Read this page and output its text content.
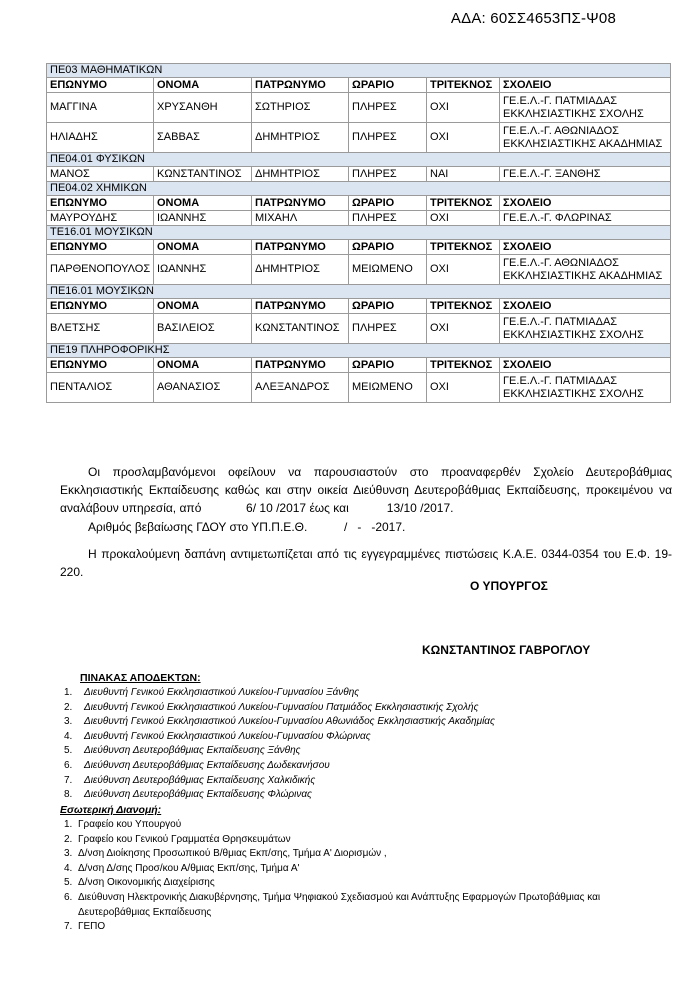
ΑΔΑ: 60ΣΣ4653ΠΣ-Ψ08
ΠΕ03 ΜΑΘΗΜΑΤΙΚΩΝ					
ΕΠΩΝΥΜΟ	ΟΝΟΜΑ	ΠΑΤΡΩΝΥΜΟ	ΩΡΑΡΙΟ	ΤΡΙΤΕΚΝΟΣ	ΣΧΟΛΕΙΟ
ΜΑΓΓΙΝΑ	ΧΡΥΣΑΝΘΗ	ΣΩΤΗΡΙΟΣ	ΠΛΗΡΕΣ	ΟΧΙ	ΓΕ.Ε.Λ.-Γ. ΠΑΤΜΙΑΔΑΣ
ΕΚΚΛΗΣΙΑΣΤΙΚΗΣ ΣΧΟΛΗΣ
ΗΛΙΑΔΗΣ	ΣΑΒΒΑΣ	ΔΗΜΗΤΡΙΟΣ	ΠΛΗΡΕΣ	ΟΧΙ	ΓΕ.Ε.Λ.-Γ. ΑΘΩΝΙΑΔΟΣ
ΕΚΚΛΗΣΙΑΣΤΙΚΗΣ ΑΚΑΔΗΜΙΑΣ
ΠΕ04.01 ΦΥΣΙΚΩΝ					
ΜΑΝΟΣ	ΚΩΝΣΤΑΝΤΙΝΟΣ	ΔΗΜΗΤΡΙΟΣ	ΠΛΗΡΕΣ	ΝΑΙ	ΓΕ.Ε.Λ.-Γ. ΞΑΝΘΗΣ
ΠΕ04.02 ΧΗΜΙΚΩΝ					
ΕΠΩΝΥΜΟ	ΟΝΟΜΑ	ΠΑΤΡΩΝΥΜΟ	ΩΡΑΡΙΟ	ΤΡΙΤΕΚΝΟΣ	ΣΧΟΛΕΙΟ
ΜΑΥΡΟΥΔΗΣ	ΙΩΑΝΝΗΣ	ΜΙΧΑΗΛ	ΠΛΗΡΕΣ	ΟΧΙ	ΓΕ.Ε.Λ.-Γ. ΦΛΩΡΙΝΑΣ
ΤΕ16.01 ΜΟΥΣΙΚΩΝ					
ΕΠΩΝΥΜΟ	ΟΝΟΜΑ	ΠΑΤΡΩΝΥΜΟ	ΩΡΑΡΙΟ	ΤΡΙΤΕΚΝΟΣ	ΣΧΟΛΕΙΟ
ΠΑΡΘΕΝΟΠΟΥΛΟΣ	ΙΩΑΝΝΗΣ	ΔΗΜΗΤΡΙΟΣ	ΜΕΙΩΜΕΝΟ	ΟΧΙ	ΓΕ.Ε.Λ.-Γ. ΑΘΩΝΙΑΔΟΣ
ΕΚΚΛΗΣΙΑΣΤΙΚΗΣ ΑΚΑΔΗΜΙΑΣ
ΠΕ16.01 ΜΟΥΣΙΚΩΝ					
ΕΠΩΝΥΜΟ	ΟΝΟΜΑ	ΠΑΤΡΩΝΥΜΟ	ΩΡΑΡΙΟ	ΤΡΙΤΕΚΝΟΣ	ΣΧΟΛΕΙΟ
ΒΛΕΤΣΗΣ	ΒΑΣΙΛΕΙΟΣ	ΚΩΝΣΤΑΝΤΙΝΟΣ	ΠΛΗΡΕΣ	ΟΧΙ	ΓΕ.Ε.Λ.-Γ. ΠΑΤΜΙΑΔΑΣ
ΕΚΚΛΗΣΙΑΣΤΙΚΗΣ ΣΧΟΛΗΣ
ΠΕ19 ΠΛΗΡΟΦΟΡΙΚΗΣ					
ΕΠΩΝΥΜΟ	ΟΝΟΜΑ	ΠΑΤΡΩΝΥΜΟ	ΩΡΑΡΙΟ	ΤΡΙΤΕΚΝΟΣ	ΣΧΟΛΕΙΟ
ΠΕΝΤΑΛΙΟΣ	ΑΘΑΝΑΣΙΟΣ	ΑΛΕΞΑΝΔΡΟΣ	ΜΕΙΩΜΕΝΟ	ΟΧΙ	ΓΕ.Ε.Λ.-Γ. ΠΑΤΜΙΑΔΑΣ
ΕΚΚΛΗΣΙΑΣΤΙΚΗΣ ΣΧΟΛΗΣ
Οι προσλαμβανόμενοι οφείλουν να παρουσιαστούν στο προαναφερθέν Σχολείο Δευτεροβάθμιας Εκκλησιαστικής Εκπαίδευσης καθώς και στην οικεία Διεύθυνση Δευτεροβάθμιας Εκπαίδευσης, προκειμένου να αναλάβουν υπηρεσία, από	6/ 10 /2017 έως και	13/10 /2017.
Αριθμός βεβαίωσης ΓΔΟΥ στο ΥΠ.Π.Ε.Θ.           /   -   -2017.
Η προκαλούμενη δαπάνη αντιμετωπίζεται από τις εγγεγραμμένες πιστώσεις Κ.Α.Ε. 0344-0354 του Ε.Φ. 19-220.
Ο ΥΠΟΥΡΓΟΣ
ΚΩΝΣΤΑΝΤΙΝΟΣ ΓΑΒΡΟΓΛΟΥ
ΠΙΝΑΚΑΣ ΑΠΟΔΕΚΤΩΝ:
1.	Διευθυντή Γενικού Εκκλησιαστικού Λυκείου-Γυμνασίου Ξάνθης
2.	Διευθυντή Γενικού Εκκλησιαστικού Λυκείου-Γυμνασίου Πατμιάδος Εκκλησιαστικής Σχολής
3.	Διευθυντή Γενικού Εκκλησιαστικού Λυκείου-Γυμνασίου Αθωνιάδος Εκκλησιαστικής Ακαδημίας
4.	Διευθυντή Γενικού Εκκλησιαστικού Λυκείου-Γυμνασίου Φλώρινας
5.	Διεύθυνση Δευτεροβάθμιας Εκπαίδευσης Ξάνθης
6.	Διεύθυνση Δευτεροβάθμιας Εκπαίδευσης Δωδεκανήσου
7.	Διεύθυνση Δευτεροβάθμιας Εκπαίδευσης Χαλκιδικής
8.	Διεύθυνση Δευτεροβάθμιας Εκπαίδευσης Φλώρινας
Εσωτερική Διανομή:
1. Γραφείο κου Υπουργού
2. Γραφείο κου Γενικού Γραμματέα Θρησκευμάτων
3. Δ/νση Διοίκησης Προσωπικού Β/θμιας Εκπ/σης, Τμήμα Α' Διορισμών ,
4. Δ/νση Δ/σης Προσ/κου Α/θμιας Εκπ/σης, Τμήμα Α'
5. Δ/νση Οικονομικής Διαχείρισης
6. Διεύθυνση Ηλεκτρονικής Διακυβέρνησης, Τμήμα Ψηφιακού Σχεδιασμού και Ανάπτυξης Εφαρμογών Πρωτοβάθμιας και Δευτεροβάθμιας Εκπαίδευσης
7. ΓΕΠΟ
